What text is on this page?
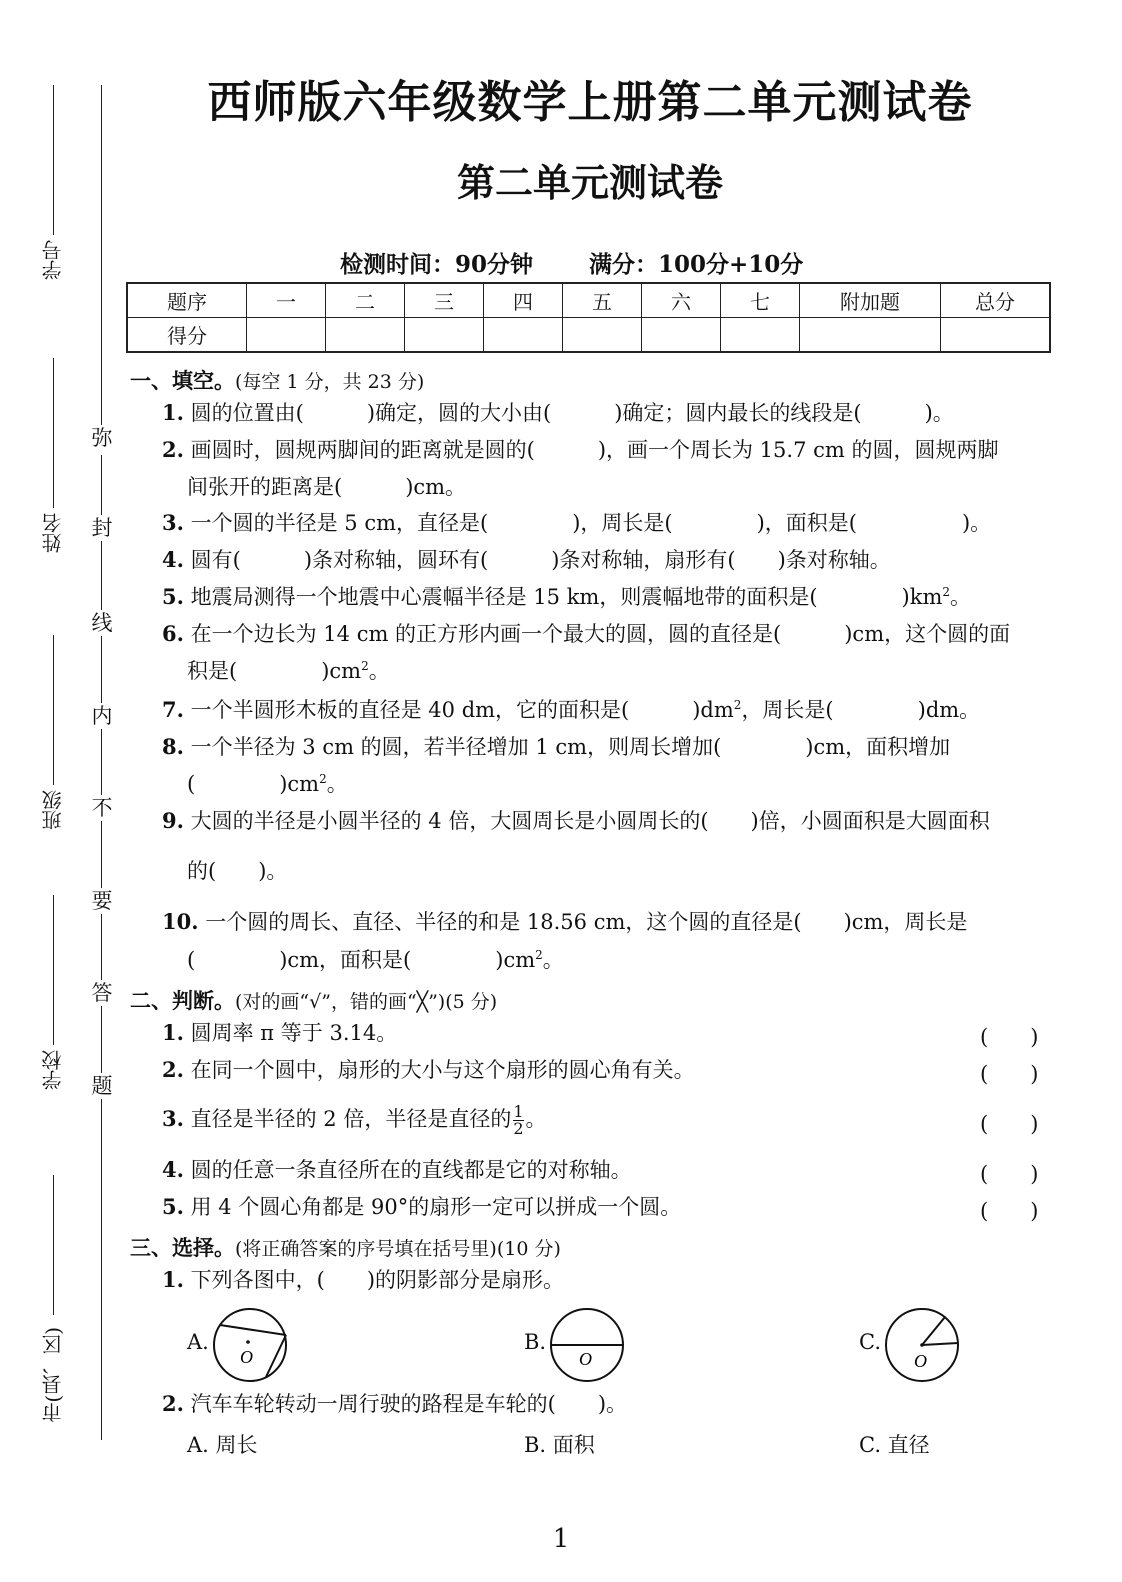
弥
封
线
内
不
要
答
题
学号
姓名
班级
学校
市(县、区)
西师版六年级数学上册第二单元测试卷
第二单元测试卷
检测时间：90分钟 满分：100分+10分
题序	一	二	三	四	五	六	七	附加题	总分
得分									
一、填空。(每空 1 分，共 23 分)
1. 圆的位置由(　　　)确定，圆的大小由(　　　)确定；圆内最长的线段是(　　　)。
2. 画圆时，圆规两脚间的距离就是圆的(　　　)，画一个周长为 15.7 cm 的圆，圆规两脚
间张开的距离是(　　　)cm。
3. 一个圆的半径是 5 cm，直径是(　　　　)，周长是(　　　　)，面积是(　　　　　)。
4. 圆有(　　　)条对称轴，圆环有(　　　)条对称轴，扇形有(　　)条对称轴。
5. 地震局测得一个地震中心震幅半径是 15 km，则震幅地带的面积是(　　　　)$km^2$。
6. 在一个边长为 14 cm 的正方形内画一个最大的圆，圆的直径是(　　　)cm，这个圆的面
积是(　　　　)$cm^2$。
7. 一个半圆形木板的直径是 40 dm，它的面积是(　　　)$dm^2$，周长是(　　　　)dm。
8. 一个半径为 3 cm 的圆，若半径增加 1 cm，则周长增加(　　　　)cm，面积增加
(　　　　)$cm^2$。
9. 大圆的半径是小圆半径的 4 倍，大圆周长是小圆周长的(　　)倍，小圆面积是大圆面积
的(　　)。
10. 一个圆的周长、直径、半径的和是 18.56 cm，这个圆的直径是(　　)cm，周长是
(　　　　)cm，面积是(　　　　)$cm^2$。
二、判断。(对的画“√”，错的画“╳”)(5 分)
1. 圆周率 π 等于 3.14。	(　　)
2. 在同一个圆中，扇形的大小与这个扇形的圆心角有关。	(　　)
3. 直径是半径的 2 倍，半径是直径的 $\frac{1}{2}$ 。	(　　)
4. 圆的任意一条直径所在的直线都是它的对称轴。	(　　)
5. 用 4 个圆心角都是 90°的扇形一定可以拼成一个圆。	(　　)
三、选择。(将正确答案的序号填在括号里)(10 分)
1. 下列各图中，(　　)的阴影部分是扇形。
A.
O
B.
O
C.
O
2. 汽车车轮转动一周行驶的路程是车轮的(　　)。
A. 周长	B. 面积	C. 直径
1
